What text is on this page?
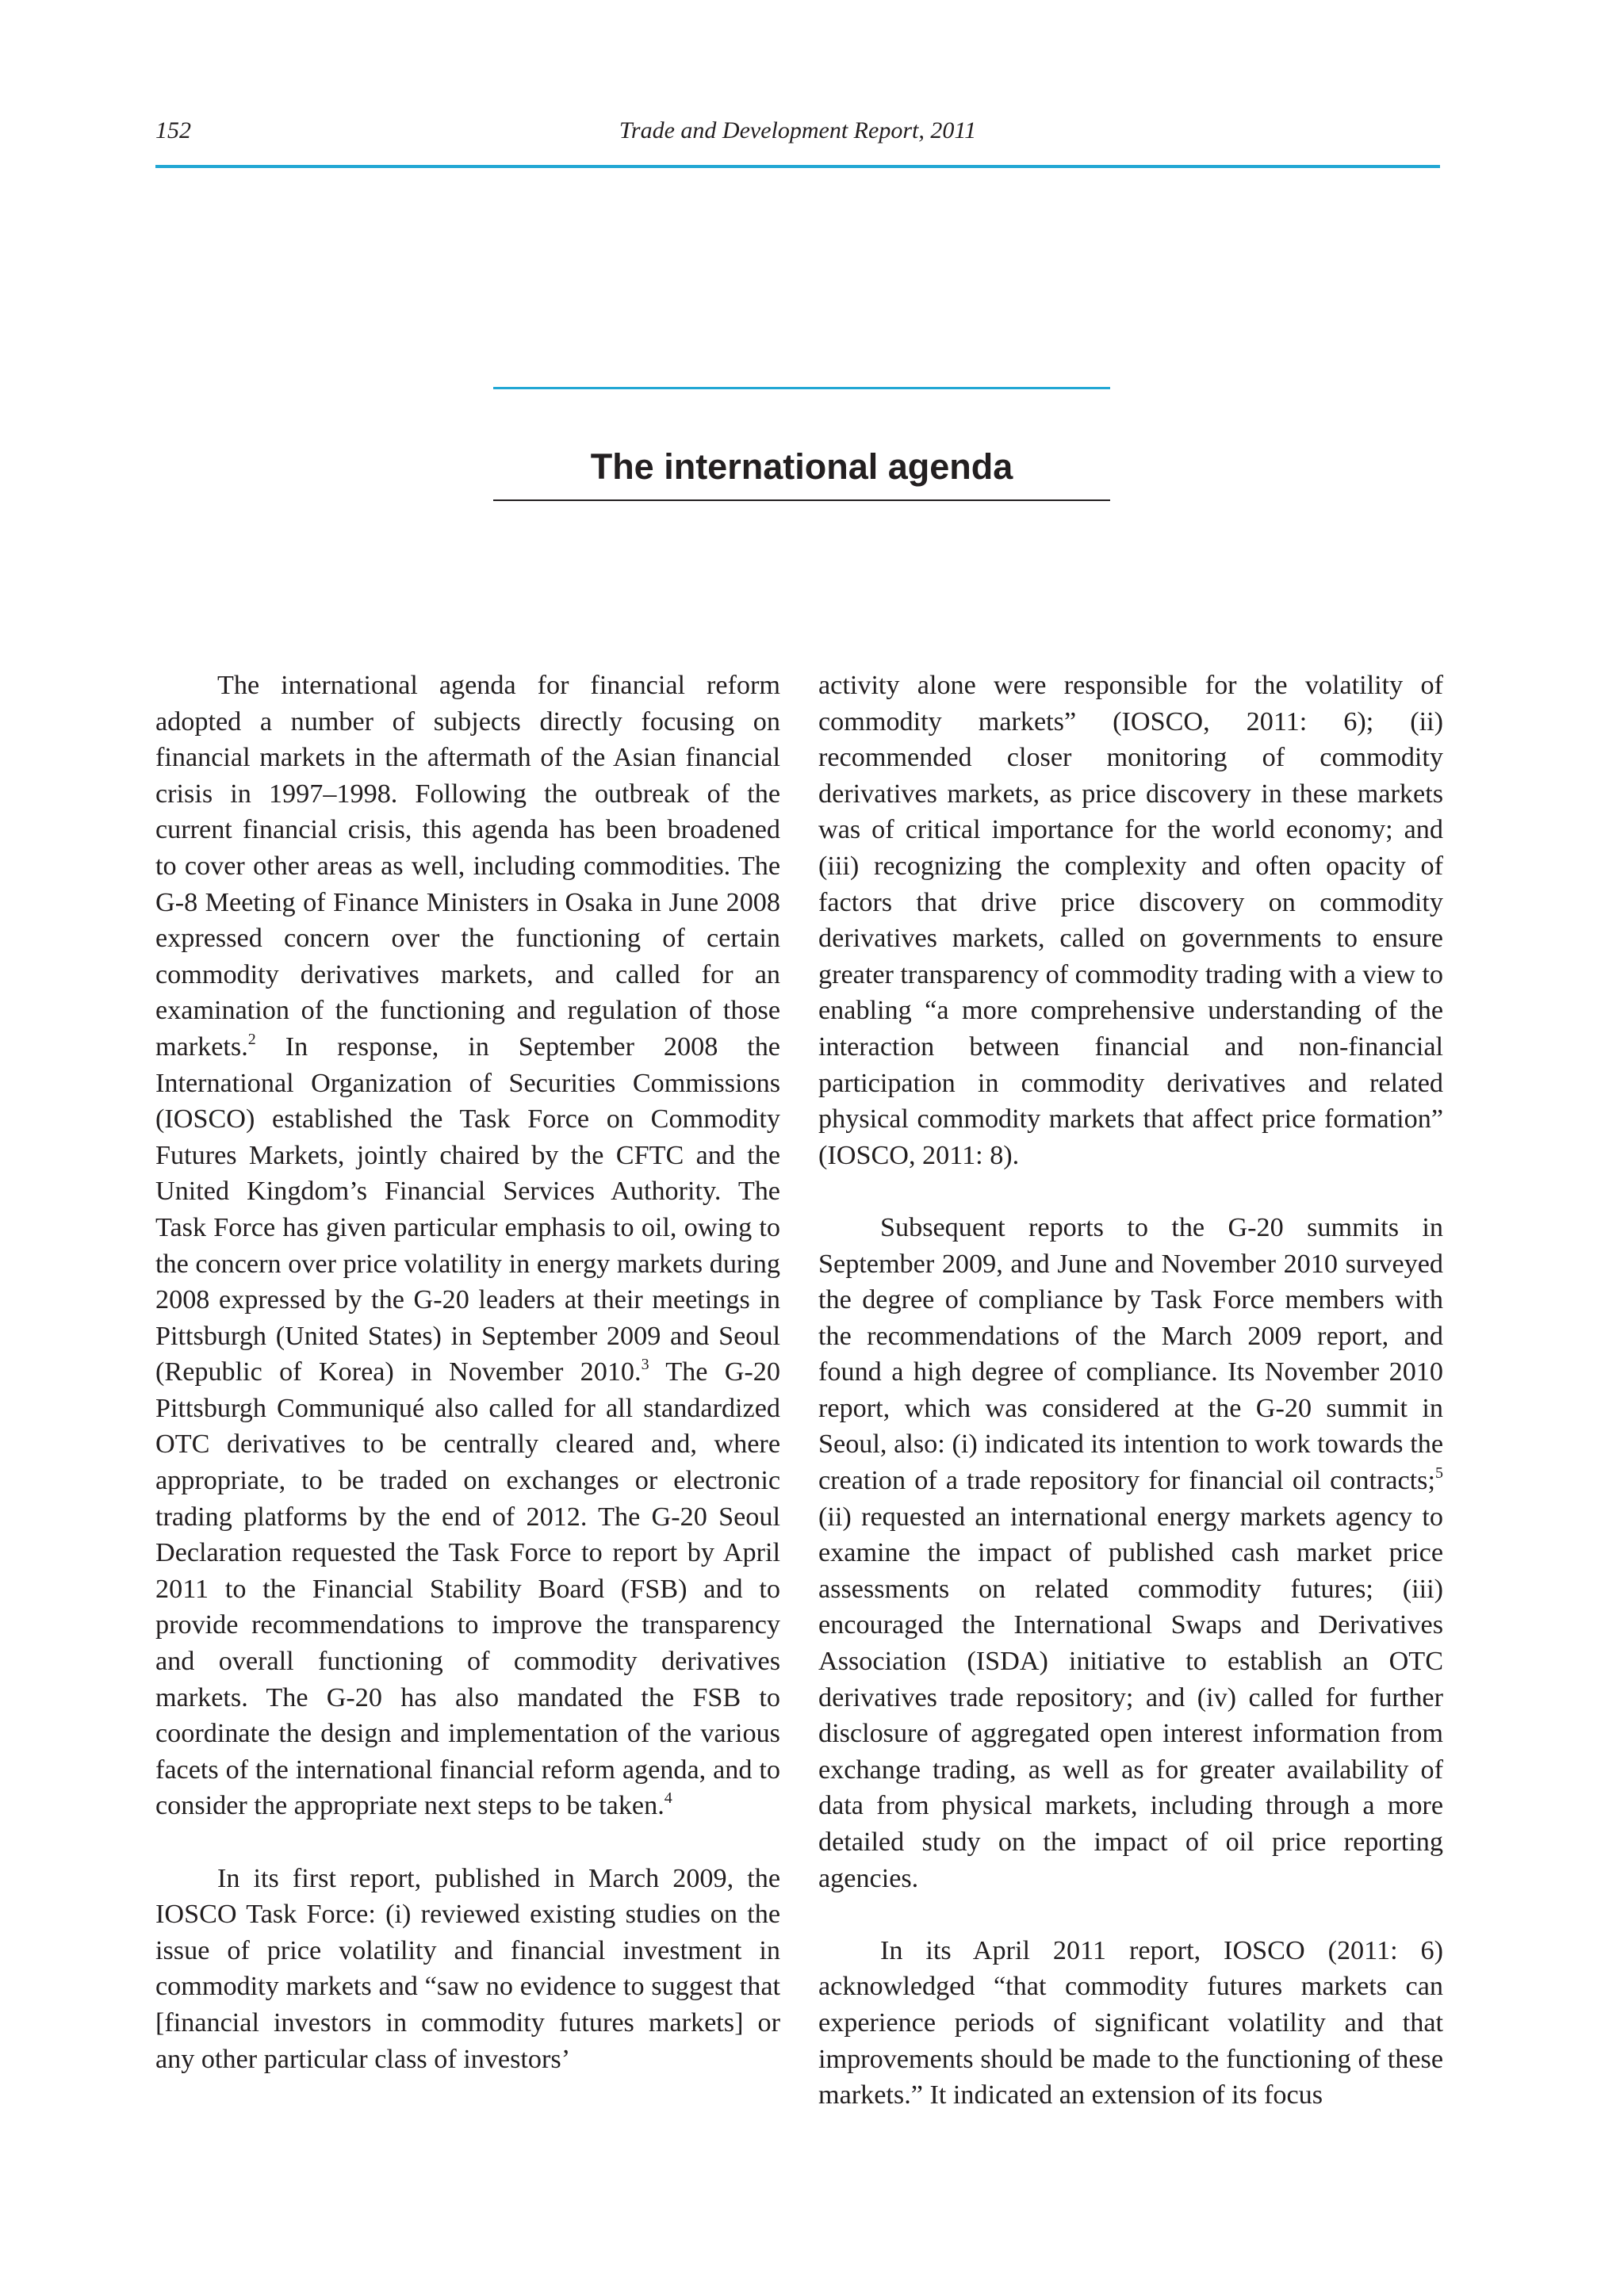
152	Trade and Development Report, 2011
The international agenda

The international agenda for financial reform adopted a number of subjects directly focusing on financial markets in the aftermath of the Asian financial crisis in 1997–1998. Following the outbreak of the current financial crisis, this agenda has been broadened to cover other areas as well, including commodities. The G-8 Meeting of Finance Ministers in Osaka in June 2008 expressed concern over the functioning of certain commodity derivatives markets, and called for an examination of the functioning and regulation of those markets.$^2$ In response, in September 2008 the International Organization of Securities Commissions (IOSCO) established the Task Force on Commodity Futures Markets, jointly chaired by the CFTC and the United Kingdom’s Financial Services Authority. The Task Force has given particular emphasis to oil, owing to the concern over price volatility in energy markets during 2008 expressed by the G-20 leaders at their meetings in Pittsburgh (United States) in September 2009 and Seoul (Republic of Korea) in November 2010.$^3$ The G-20 Pittsburgh Communiqué also called for all standardized OTC derivatives to be centrally cleared and, where appropriate, to be traded on exchanges or electronic trading platforms by the end of 2012. The G-20 Seoul Declaration requested the Task Force to report by April 2011 to the Financial Stability Board (FSB) and to provide recommendations to improve the transparency and overall functioning of commodity derivatives markets. The G-20 has also mandated the FSB to coordinate the design and implementation of the various facets of the international financial reform agenda, and to consider the appropriate next steps to be taken.$^4$

In its first report, published in March 2009, the IOSCO Task Force: (i) reviewed existing studies on the issue of price volatility and financial investment in commodity markets and “saw no evidence to suggest that [financial investors in commodity futures markets] or any other particular class of investors’

activity alone were responsible for the volatility of commodity markets” (IOSCO, 2011: 6); (ii) recommended closer monitoring of commodity derivatives markets, as price discovery in these markets was of critical importance for the world economy; and (iii) recognizing the complexity and often opacity of factors that drive price discovery on commodity derivatives markets, called on governments to ensure greater transparency of commodity trading with a view to enabling “a more comprehensive understanding of the interaction between financial and non-financial participation in commodity derivatives and related physical commodity markets that affect price formation” (IOSCO, 2011: 8).

Subsequent reports to the G-20 summits in September 2009, and June and November 2010 surveyed the degree of compliance by Task Force members with the recommendations of the March 2009 report, and found a high degree of compliance. Its November 2010 report, which was considered at the G-20 summit in Seoul, also: (i) indicated its intention to work towards the creation of a trade repository for financial oil contracts;$^5$ (ii) requested an international energy markets agency to examine the impact of published cash market price assessments on related commodity futures; (iii) encouraged the International Swaps and Derivatives Association (ISDA) initiative to establish an OTC derivatives trade repository; and (iv) called for further disclosure of aggregated open interest information from exchange trading, as well as for greater availability of data from physical markets, including through a more detailed study on the impact of oil price reporting agencies.

In its April 2011 report, IOSCO (2011: 6) acknowledged “that commodity futures markets can experience periods of significant volatility and that improvements should be made to the functioning of these markets.” It indicated an extension of its focus
